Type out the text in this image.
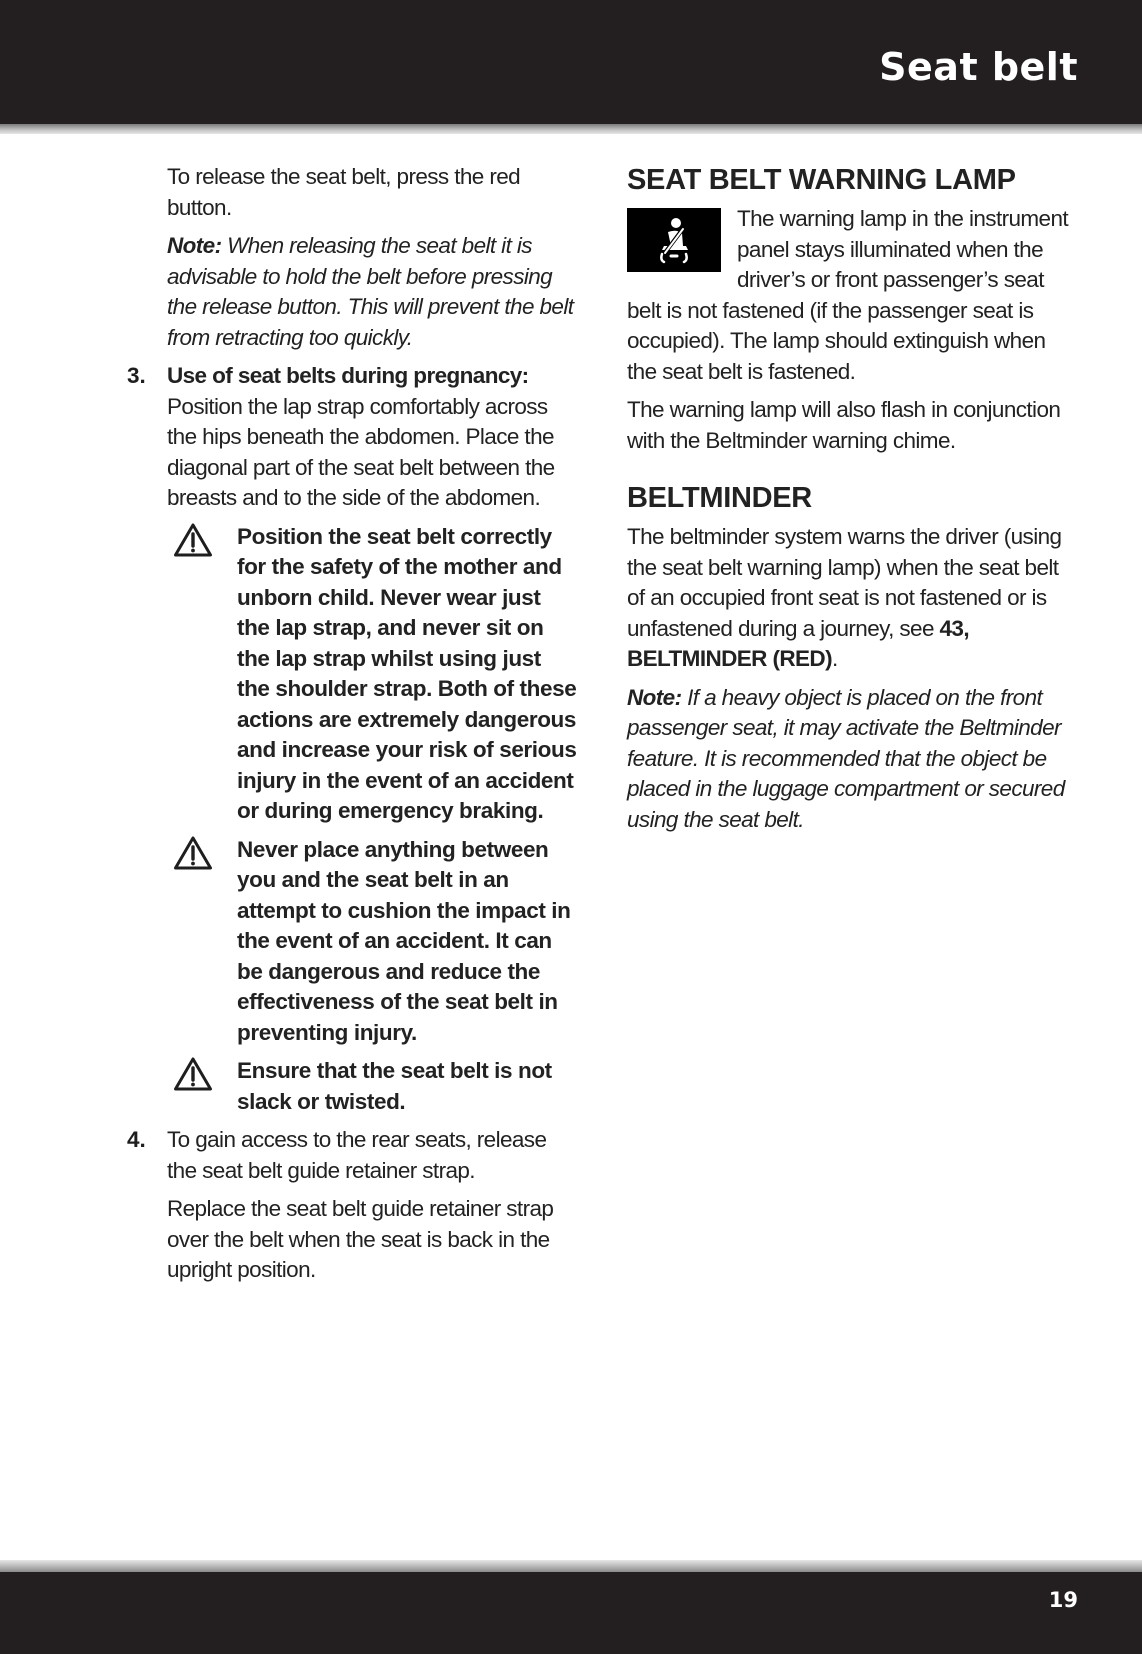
Seat belt

To release the seat belt, press the red button.

Note: When releasing the seat belt it is advisable to hold the belt before pressing the release button. This will prevent the belt from retracting too quickly.

3. Use of seat belts during pregnancy: Position the lap strap comfortably across the hips beneath the abdomen. Place the diagonal part of the seat belt between the breasts and to the side of the abdomen.

Position the seat belt correctly for the safety of the mother and unborn child. Never wear just the lap strap, and never sit on the lap strap whilst using just the shoulder strap. Both of these actions are extremely dangerous and increase your risk of serious injury in the event of an accident or during emergency braking.

Never place anything between you and the seat belt in an attempt to cushion the impact in the event of an accident. It can be dangerous and reduce the effectiveness of the seat belt in preventing injury.

Ensure that the seat belt is not slack or twisted.

4. To gain access to the rear seats, release the seat belt guide retainer strap.

Replace the seat belt guide retainer strap over the belt when the seat is back in the upright position.

SEAT BELT WARNING LAMP

The warning lamp in the instrument panel stays illuminated when the driver’s or front passenger’s seat belt is not fastened (if the passenger seat is occupied). The lamp should extinguish when the seat belt is fastened.

The warning lamp will also flash in conjunction with the Beltminder warning chime.

BELTMINDER

The beltminder system warns the driver (using the seat belt warning lamp) when the seat belt of an occupied front seat is not fastened or is unfastened during a journey, see 43, BELTMINDER (RED).

Note: If a heavy object is placed on the front passenger seat, it may activate the Beltminder feature. It is recommended that the object be placed in the luggage compartment or secured using the seat belt.

19
